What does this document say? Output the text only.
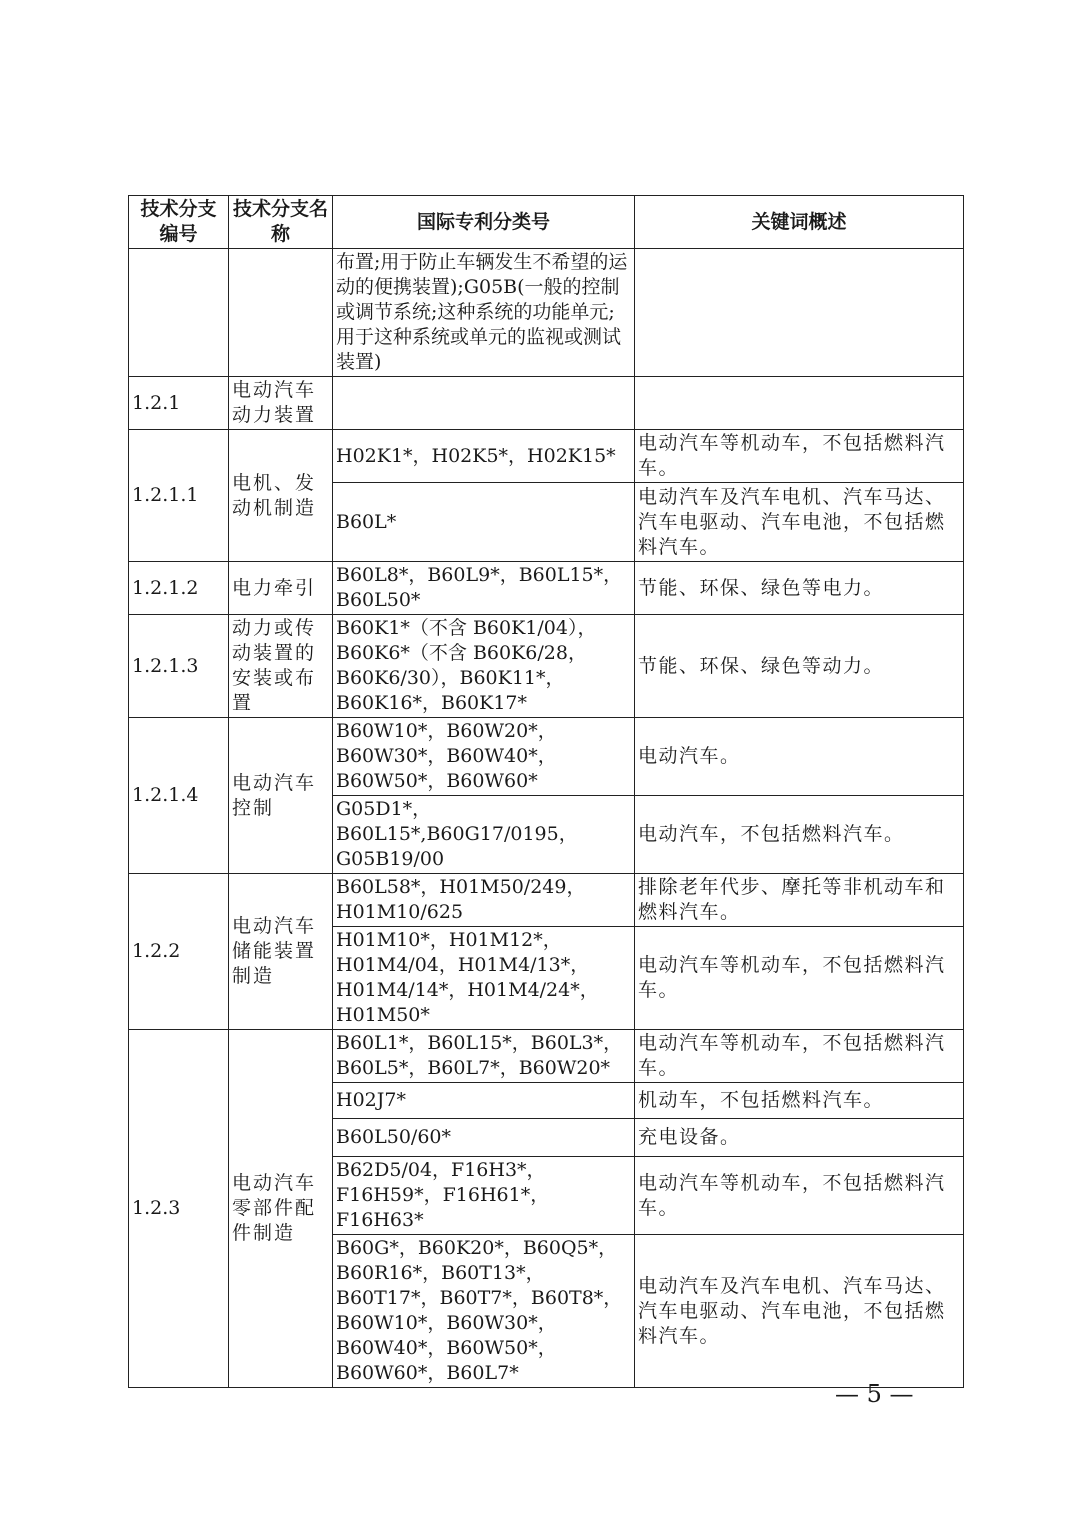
技术分支编号	技术分支名称	国际专利分类号	关键词概述
		布置;用于防止车辆发生不希望的运动的便携装置);G05B(一般的控制或调节系统;这种系统的功能单元;用于这种系统或单元的监视或测试装置)	
1.2.1	电动汽车动力装置		
1.2.1.1	电机、发动机制造	H02K1*，H02K5*，H02K15*	电动汽车等机动车，不包括燃料汽车。
		B60L*	电动汽车及汽车电机、汽车马达、汽车电驱动、汽车电池，不包括燃料汽车。
1.2.1.2	电力牵引	B60L8*，B60L9*，B60L15*，B60L50*	节能、环保、绿色等电力。
1.2.1.3	动力或传动装置的安装或布置	B60K1*（不含 B60K1/04），B60K6*（不含 B60K6/28，B60K6/30），B60K11*，B60K16*，B60K17*	节能、环保、绿色等动力。
1.2.1.4	电动汽车控制	B60W10*，B60W20*，B60W30*，B60W40*，B60W50*，B60W60*	电动汽车。
		G05D1*，B60L15*,B60G17/0195，G05B19/00	电动汽车，不包括燃料汽车。
1.2.2	电动汽车储能装置制造	B60L58*，H01M50/249，H01M10/625	排除老年代步、摩托等非机动车和燃料汽车。
		H01M10*，H01M12*，H01M4/04，H01M4/13*，H01M4/14*，H01M4/24*，H01M50*	电动汽车等机动车，不包括燃料汽车。
1.2.3	电动汽车零部件配件制造	B60L1*，B60L15*，B60L3*，B60L5*，B60L7*，B60W20*	电动汽车等机动车，不包括燃料汽车。
		H02J7*	机动车，不包括燃料汽车。
		B60L50/60*	充电设备。
		B62D5/04，F16H3*，F16H59*，F16H61*，F16H63*	电动汽车等机动车，不包括燃料汽车。
		B60G*，B60K20*，B60Q5*，B60R16*，B60T13*，B60T17*，B60T7*，B60T8*，B60W10*，B60W30*，B60W40*，B60W50*，B60W60*，B60L7*	电动汽车及汽车电机、汽车马达、汽车电驱动、汽车电池，不包括燃料汽车。
— 5 —
